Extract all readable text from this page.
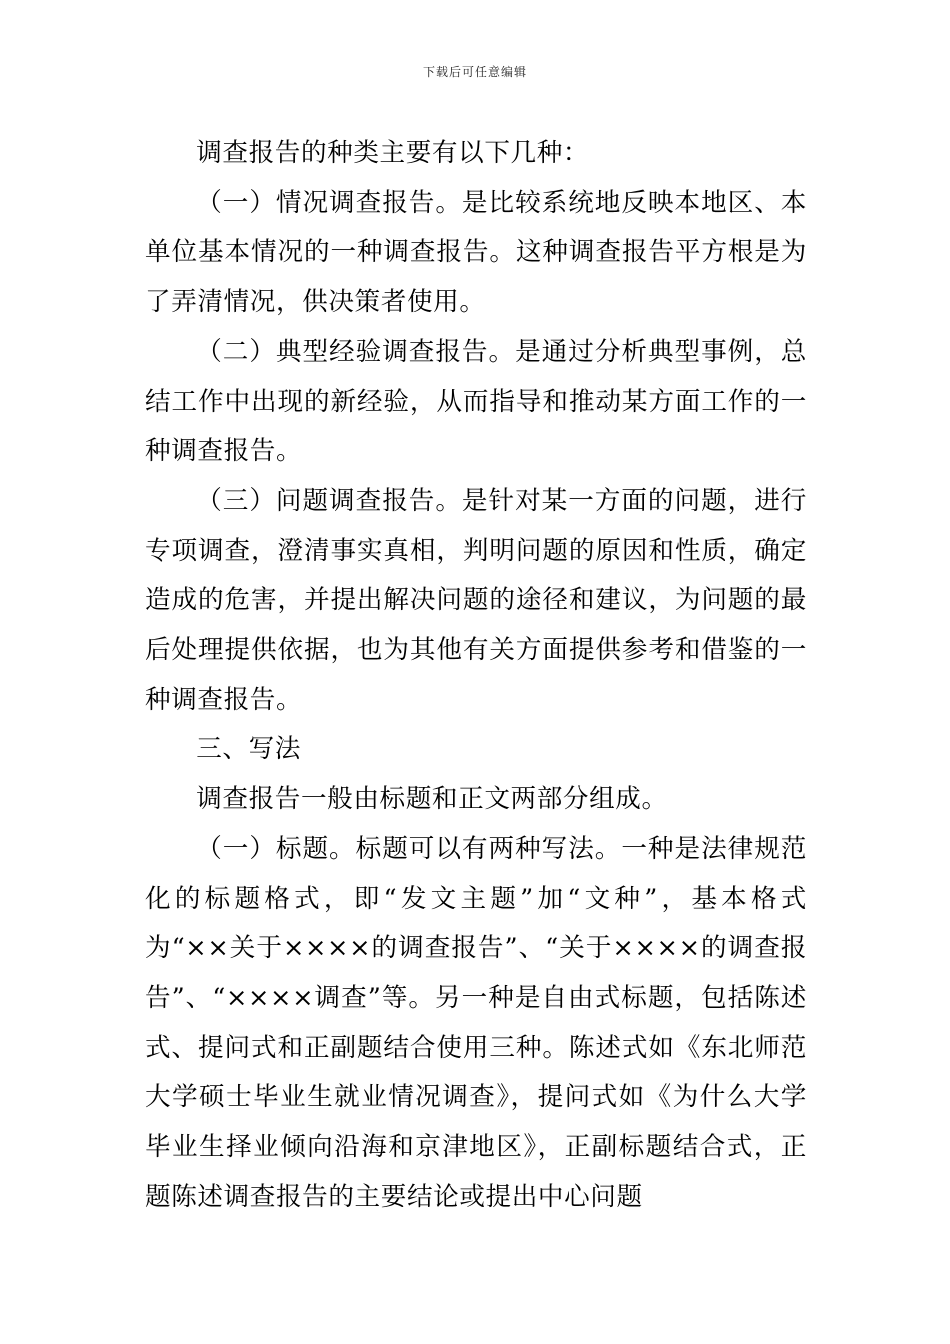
下载后可任意编辑

调查报告的种类主要有以下几种：

（一）情况调查报告。是比较系统地反映本地区、本单位基本情况的一种调查报告。这种调查报告平方根是为了弄清情况，供决策者使用。

（二）典型经验调查报告。是通过分析典型事例，总结工作中出现的新经验，从而指导和推动某方面工作的一种调查报告。

（三）问题调查报告。是针对某一方面的问题，进行专项调查，澄清事实真相，判明问题的原因和性质，确定造成的危害，并提出解决问题的途径和建议，为问题的最后处理提供依据，也为其他有关方面提供参考和借鉴的一种调查报告。

三、写法

调查报告一般由标题和正文两部分组成。

（一）标题。标题可以有两种写法。一种是法律规范化的标题格式，即“发文主题”加“文种”，基本格式为“××关于××××的调查报告”、“关于××××的调查报告”、“××××调查”等。另一种是自由式标题，包括陈述式、提问式和正副题结合使用三种。陈述式如《东北师范大学硕士毕业生就业情况调查》，提问式如《为什么大学毕业生择业倾向沿海和京津地区》，正副标题结合式，正题陈述调查报告的主要结论或提出中心问题
